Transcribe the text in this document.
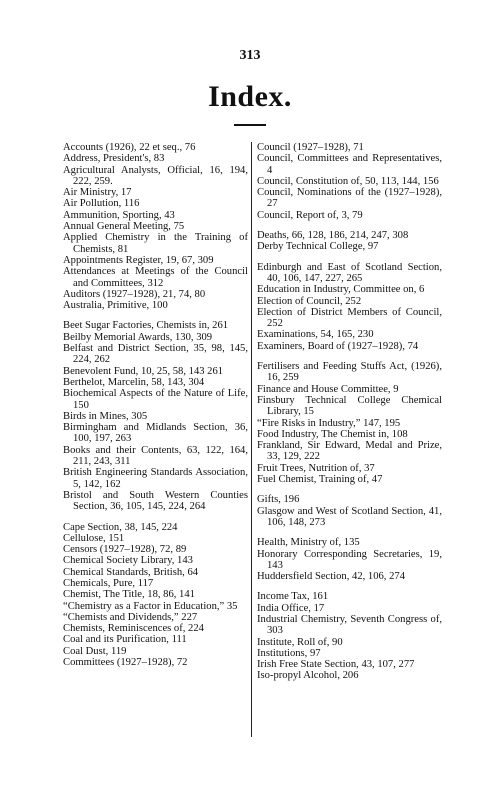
313
Index.
Accounts (1926), 22 et seq., 76
Address, President's, 83
Agricultural Analysts, Official, 16, 194, 222, 259.
Air Ministry, 17
Air Pollution, 116
Ammunition, Sporting, 43
Annual General Meeting, 75
Applied Chemistry in the Training of Chemists, 81
Appointments Register, 19, 67, 309
Attendances at Meetings of the Council and Committees, 312
Auditors (1927–1928), 21, 74, 80
Australia, Primitive, 100
Beet Sugar Factories, Chemists in, 261
Beilby Memorial Awards, 130, 309
Belfast and District Section, 35, 98, 145, 224, 262
Benevolent Fund, 10, 25, 58, 143 261
Berthelot, Marcelin, 58, 143, 304
Biochemical Aspects of the Nature of Life, 150
Birds in Mines, 305
Birmingham and Midlands Section, 36, 100, 197, 263
Books and their Contents, 63, 122, 164, 211, 243, 311
British Engineering Standards Association, 5, 142, 162
Bristol and South Western Counties Section, 36, 105, 145, 224, 264
Cape Section, 38, 145, 224
Cellulose, 151
Censors (1927–1928), 72, 89
Chemical Society Library, 143
Chemical Standards, British, 64
Chemicals, Pure, 117
Chemist, The Title, 18, 86, 141
“Chemistry as a Factor in Education,” 35
“Chemists and Dividends,” 227
Chemists, Reminiscences of, 224
Coal and its Purification, 111
Coal Dust, 119
Committees (1927–1928), 72
Council (1927–1928), 71
Council, Committees and Representatives, 4
Council, Constitution of, 50, 113, 144, 156
Council, Nominations of the (1927–1928), 27
Council, Report of, 3, 79
Deaths, 66, 128, 186, 214, 247, 308
Derby Technical College, 97
Edinburgh and East of Scotland Section, 40, 106, 147, 227, 265
Education in Industry, Committee on, 6
Election of Council, 252
Election of District Members of Council, 252
Examinations, 54, 165, 230
Examiners, Board of (1927–1928), 74
Fertilisers and Feeding Stuffs Act, (1926), 16, 259
Finance and House Committee, 9
Finsbury Technical College Chemical Library, 15
“Fire Risks in Industry,” 147, 195
Food Industry, The Chemist in, 108
Frankland, Sir Edward, Medal and Prize, 33, 129, 222
Fruit Trees, Nutrition of, 37
Fuel Chemist, Training of, 47
Gifts, 196
Glasgow and West of Scotland Section, 41, 106, 148, 273
Health, Ministry of, 135
Honorary Corresponding Secretaries, 19, 143
Huddersfield Section, 42, 106, 274
Income Tax, 161
India Office, 17
Industrial Chemistry, Seventh Congress of, 303
Institute, Roll of, 90
Institutions, 97
Irish Free State Section, 43, 107, 277
Iso-propyl Alcohol, 206
